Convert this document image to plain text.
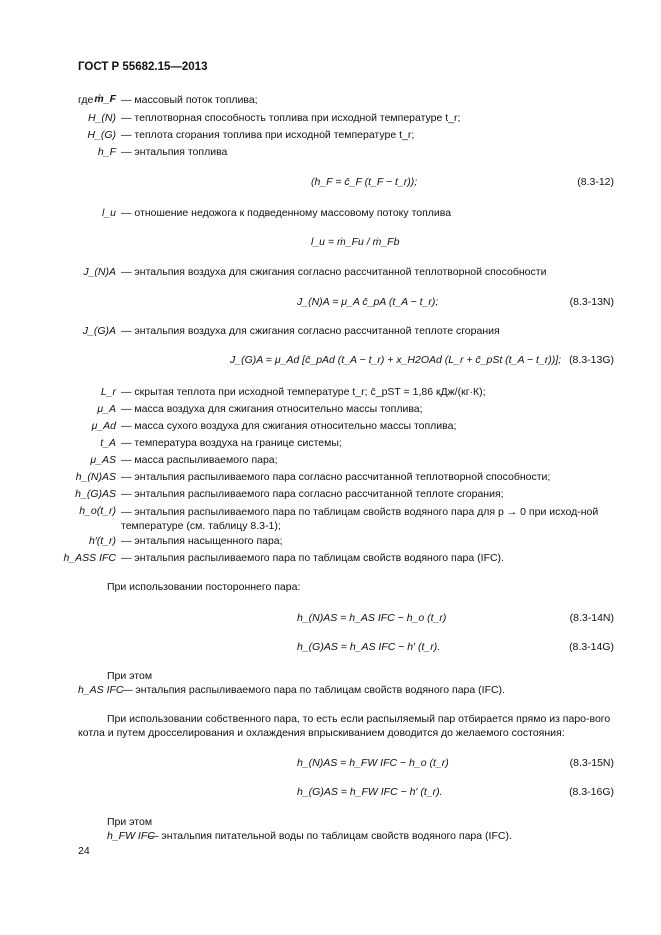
ГОСТ Р 55682.15—2013
где ṁ_F — массовый поток топлива;
H_(N) — теплотворная способность топлива при исходной температуре t_r;
H_(G) — теплота сгорания топлива при исходной температуре t_r;
h_F — энтальпия топлива
(h_F = c̄_F (t_F − t_r));	(8.3-12)
l_u — отношение недожога к подведенному массовому потоку топлива
l_u = ṁ_Fu / ṁ_Fb
J_(N)A — энтальпия воздуха для сжигания согласно рассчитанной теплотворной способности
J_(N)A = μ_A c̄_pA (t_A − t_r);	(8.3-13N)
J_(G)A — энтальпия воздуха для сжигания согласно рассчитанной теплоте сгорания
J_(G)A = μ_Ad [c̄_pAd (t_A − t_r) + x_H2OAd (L_r + c̄_pSt (t_A − t_r))]; (8.3-13G)
L_r — скрытая теплота при исходной температуре t_r; c̄_pST = 1,86 кДж/(кг·К);
μ_A — масса воздуха для сжигания относительно массы топлива;
μ_Ad — масса сухого воздуха для сжигания относительно массы топлива;
t_A — температура воздуха на границе системы;
μ_AS — масса распыливаемого пара;
h_(N)AS — энтальпия распыливаемого пара согласно рассчитанной теплотворной способности;
h_(G)AS — энтальпия распыливаемого пара согласно рассчитанной теплоте сгорания;
h_o(t_r) — энтальпия распыливаемого пара по таблицам свойств водяного пара для p → 0 при исход-ной температуре (см. таблицу 8.3-1);
h′(t_r) — энтальпия насыщенного пара;
h_ASS IFC — энтальпия распыливаемого пара по таблицам свойств водяного пара (IFC).
При использовании постороннего пара:
h_(N)AS = h_AS IFC − h_o (t_r)	(8.3-14N)
h_(G)AS = h_AS IFC − h′ (t_r).	(8.3-14G)
При этом
h_AS IFC
— энтальпия распыливаемого пара по таблицам свойств водяного пара (IFC).
При использовании собственного пара, то есть если распыляемый пар отбирается прямо из паро-вого котла и путем дросселирования и охлаждения впрыскиванием доводится до желаемого состояния:
h_(N)AS = h_FW IFC − h_o (t_r)	(8.3-15N)
h_(G)AS = h_FW IFC − h′ (t_r).	(8.3-16G)
При этом
h_FW IFC
— энтальпия питательной воды по таблицам свойств водяного пара (IFC).
24
